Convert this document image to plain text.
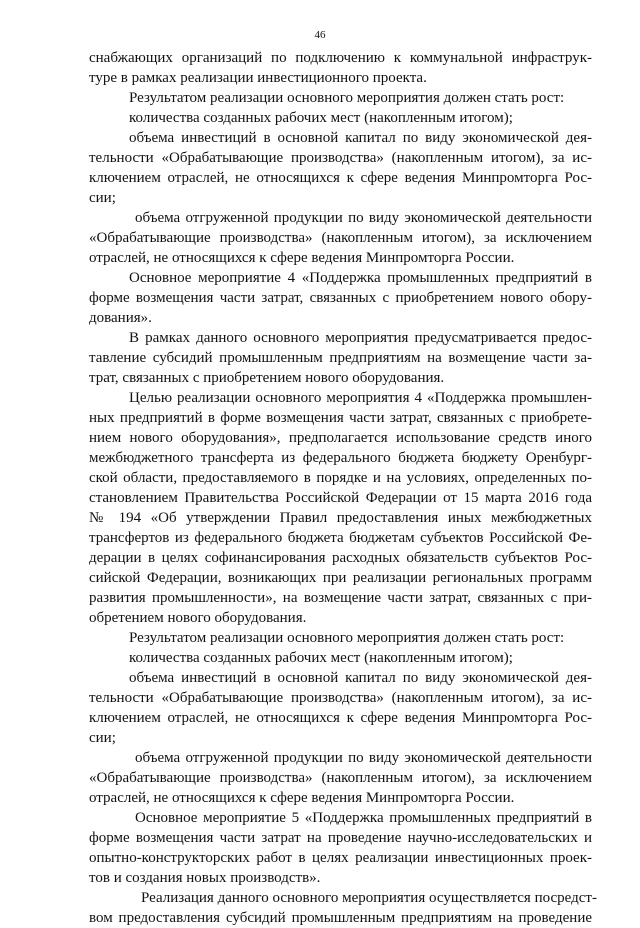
46
снабжающих организаций по подключению к коммунальной инфраструк-
туре в рамках реализации инвестиционного проекта.
Результатом реализации основного мероприятия должен стать рост:
количества созданных рабочих мест (накопленным итогом);
объема инвестиций в основной капитал по виду экономической дея-
тельности «Обрабатывающие производства» (накопленным итогом), за ис-
ключением отраслей, не относящихся к сфере ведения Минпромторга Рос-
сии;
объема отгруженной продукции по виду экономической деятельности
«Обрабатывающие производства» (накопленным итогом), за исключением
отраслей, не относящихся к сфере ведения Минпромторга России.
Основное мероприятие 4 «Поддержка промышленных предприятий в
форме возмещения части затрат, связанных с приобретением нового обору-
дования».
В рамках данного основного мероприятия предусматривается предос-
тавление субсидий промышленным предприятиям на возмещение части за-
трат, связанных с приобретением нового оборудования.
Целью реализации основного мероприятия 4 «Поддержка промышлен-
ных предприятий в форме возмещения части затрат, связанных с приобрете-
нием нового оборудования», предполагается использование средств иного
межбюджетного трансферта из федерального бюджета бюджету Оренбург-
ской области, предоставляемого в порядке и на условиях, определенных по-
становлением Правительства Российской Федерации от 15 марта 2016 года
№ 194 «Об утверждении Правил предоставления иных межбюджетных
трансфертов из федерального бюджета бюджетам субъектов Российской Фе-
дерации в целях софинансирования расходных обязательств субъектов Рос-
сийской Федерации, возникающих при реализации региональных программ
развития промышленности», на возмещение части затрат, связанных с при-
обретением нового оборудования.
Результатом реализации основного мероприятия должен стать рост:
количества созданных рабочих мест (накопленным итогом);
объема инвестиций в основной капитал по виду экономической дея-
тельности «Обрабатывающие производства» (накопленным итогом), за ис-
ключением отраслей, не относящихся к сфере ведения Минпромторга Рос-
сии;
объема отгруженной продукции по виду экономической деятельности
«Обрабатывающие производства» (накопленным итогом), за исключением
отраслей, не относящихся к сфере ведения Минпромторга России.
Основное мероприятие 5 «Поддержка промышленных предприятий в
форме возмещения части затрат на проведение научно-исследовательских и
опытно-конструкторских работ в целях реализации инвестиционных проек-
тов и создания новых производств».
Реализация данного основного мероприятия осуществляется посредст-
вом предоставления субсидий промышленным предприятиям на проведение
